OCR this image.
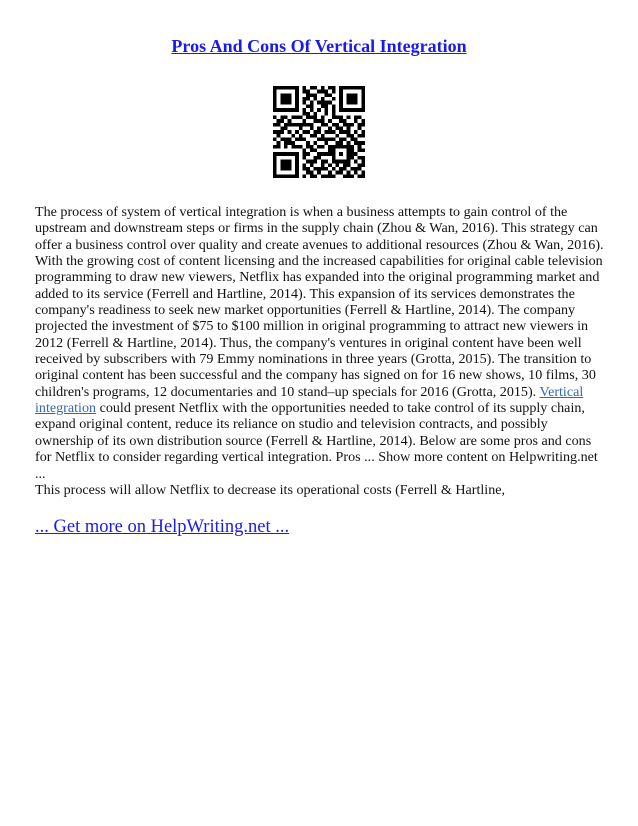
Pros And Cons Of Vertical Integration

The process of system of vertical integration is when a business attempts to gain control of the upstream and downstream steps or firms in the supply chain (Zhou & Wan, 2016). This strategy can offer a business control over quality and create avenues to additional resources (Zhou & Wan, 2016). With the growing cost of content licensing and the increased capabilities for original cable television programming to draw new viewers, Netflix has expanded into the original programming market and added to its service (Ferrell and Hartline, 2014). This expansion of its services demonstrates the company's readiness to seek new market opportunities (Ferrell & Hartline, 2014). The company projected the investment of $75 to $100 million in original programming to attract new viewers in 2012 (Ferrell & Hartline, 2014). Thus, the company's ventures in original content have been well received by subscribers with 79 Emmy nominations in three years (Grotta, 2015). The transition to original content has been successful and the company has signed on for 16 new shows, 10 films, 30 children's programs, 12 documentaries and 10 stand–up specials for 2016 (Grotta, 2015). Vertical integration could present Netflix with the opportunities needed to take control of its supply chain, expand original content, reduce its reliance on studio and television contracts, and possibly ownership of its own distribution source (Ferrell & Hartline, 2014). Below are some pros and cons for Netflix to consider regarding vertical integration. Pros ... Show more content on Helpwriting.net ...

This process will allow Netflix to decrease its operational costs (Ferrell & Hartline,

... Get more on HelpWriting.net ...
